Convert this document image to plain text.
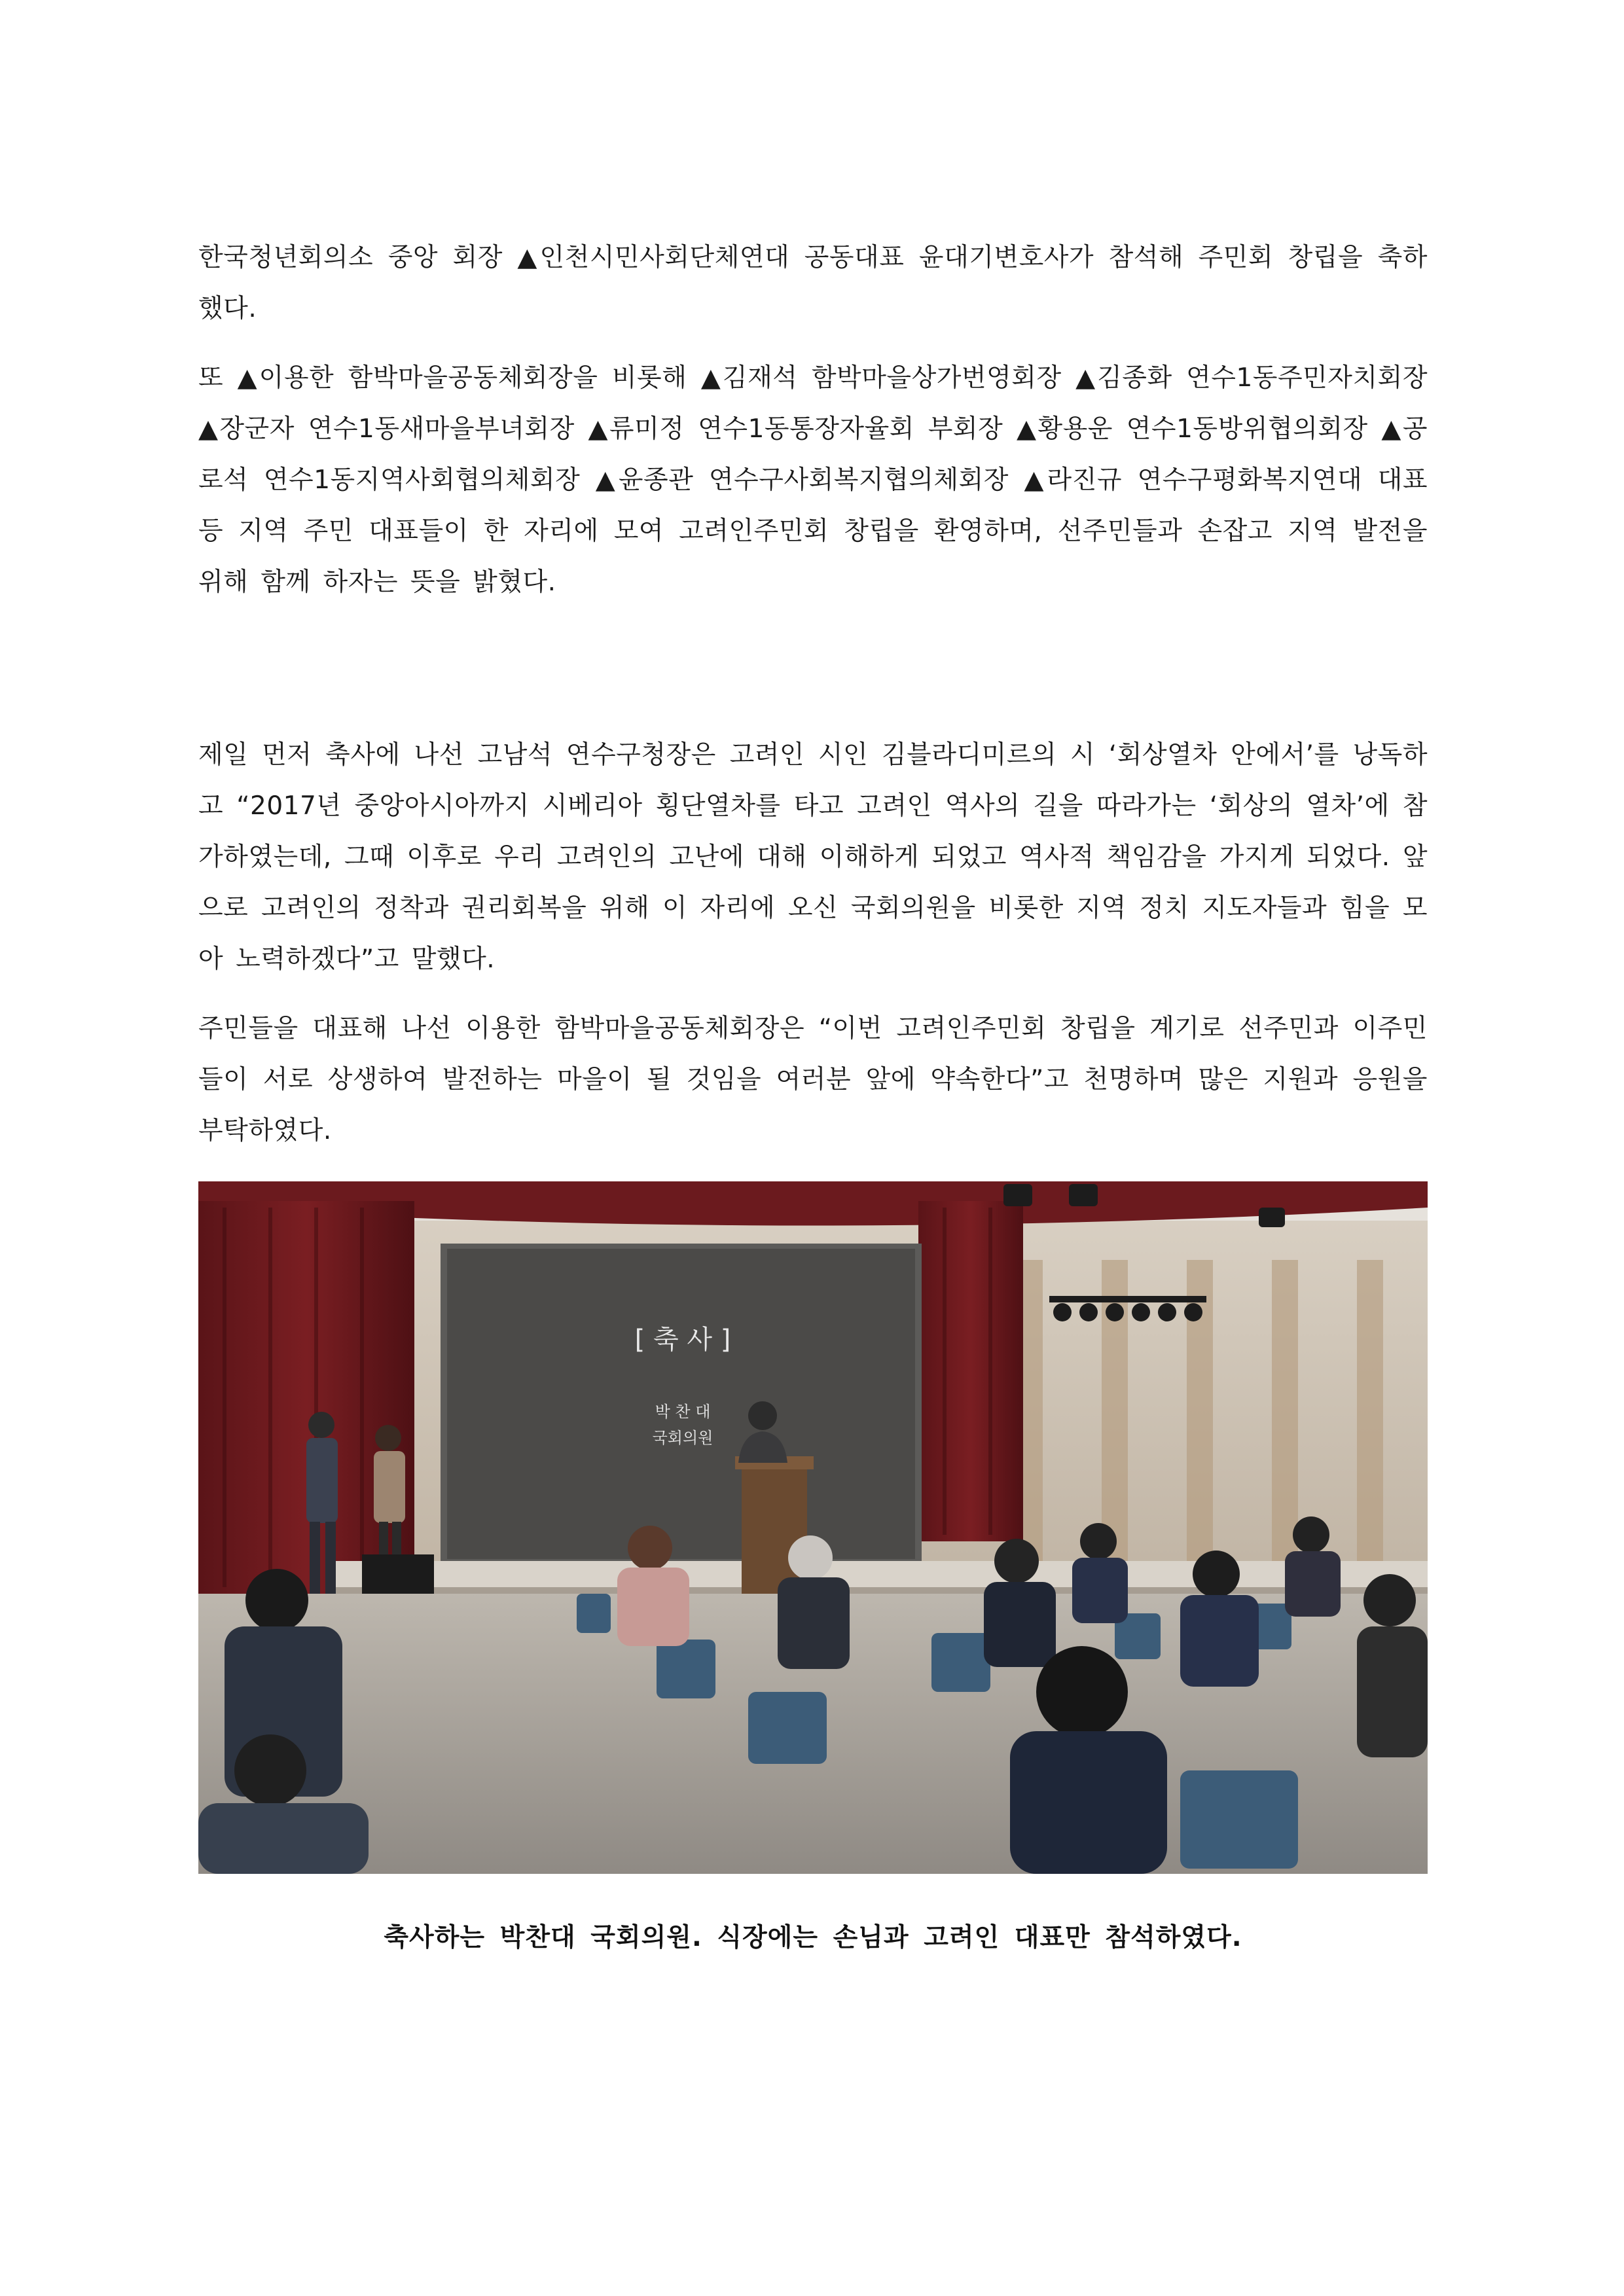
한국청년회의소 중앙 회장 ▲인천시민사회단체연대 공동대표 윤대기변호사가 참석해 주민회 창립을 축하했다.

또 ▲이용한 함박마을공동체회장을 비롯해 ▲김재석 함박마을상가번영회장 ▲김종화 연수1동주민자치회장 ▲장군자 연수1동새마을부녀회장 ▲류미정 연수1동통장자율회 부회장 ▲황용운 연수1동방위협의회장 ▲공로석 연수1동지역사회협의체회장 ▲윤종관 연수구사회복지협의체회장 ▲라진규 연수구평화복지연대 대표 등 지역 주민 대표들이 한 자리에 모여 고려인주민회 창립을 환영하며, 선주민들과 손잡고 지역 발전을 위해 함께 하자는 뜻을 밝혔다.

제일 먼저 축사에 나선 고남석 연수구청장은 고려인 시인 김블라디미르의 시 ‘회상열차 안에서’를 낭독하고 “2017년 중앙아시아까지 시베리아 횡단열차를 타고 고려인 역사의 길을 따라가는 ‘회상의 열차’에 참가하였는데, 그때 이후로 우리 고려인의 고난에 대해 이해하게 되었고 역사적 책임감을 가지게 되었다. 앞으로 고려인의 정착과 권리회복을 위해 이 자리에 오신 국회의원을 비롯한 지역 정치 지도자들과 힘을 모아 노력하겠다”고 말했다.

주민들을 대표해 나선 이용한 함박마을공동체회장은 “이번 고려인주민회 창립을 계기로 선주민과 이주민들이 서로 상생하여 발전하는 마을이 될 것임을 여러분 앞에 약속한다”고 천명하며 많은 지원과 응원을 부탁하였다.

[ 축 사 ]
박 찬 대
국회의원
축사하는 박찬대 국회의원. 식장에는 손님과 고려인 대표만 참석하였다.
